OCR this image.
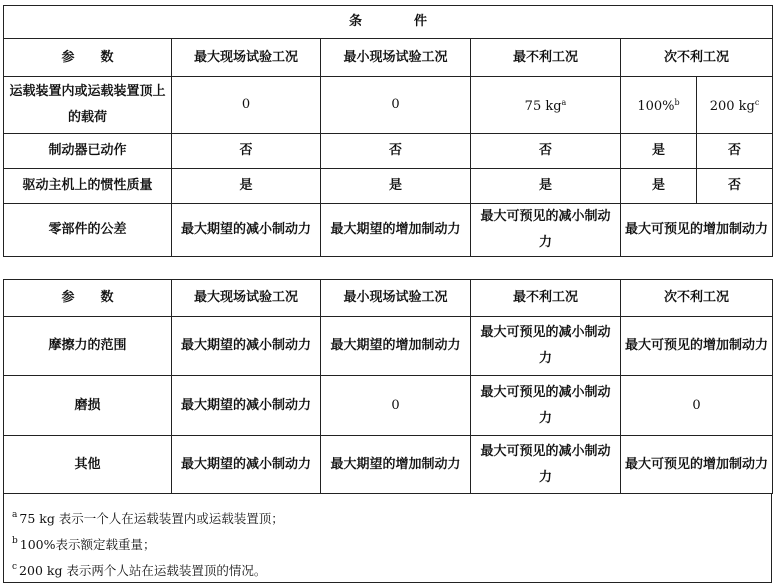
条　　　　件					
参　　数	最大现场试验工况	最小现场试验工况	最不利工况	次不利工况	
运载装置内或运载装置顶上的载荷	0	0	75 $kg^a$	100%$^b$	200 $kg^c$
制动器已动作	否	否	否	是	否
驱动主机上的惯性质量	是	是	是	是	否
零部件的公差	最大期望的减小制动力	最大期望的增加制动力	最大可预见的减小制动力	最大可预见的增加制动力	
参　　数	最大现场试验工况	最小现场试验工况	最不利工况	次不利工况
摩擦力的范围	最大期望的减小制动力	最大期望的增加制动力	最大可预见的减小制动力	最大可预见的增加制动力
磨损	最大期望的减小制动力	0	最大可预见的减小制动力	0
其他	最大期望的减小制动力	最大期望的增加制动力	最大可预见的减小制动力	最大可预见的增加制动力
$^a$ 75 kg 表示一个人在运载装置内或运载装置顶；
$^b$ 100%表示额定载重量；
$^c$ 200 kg 表示两个人站在运载装置顶的情况。
